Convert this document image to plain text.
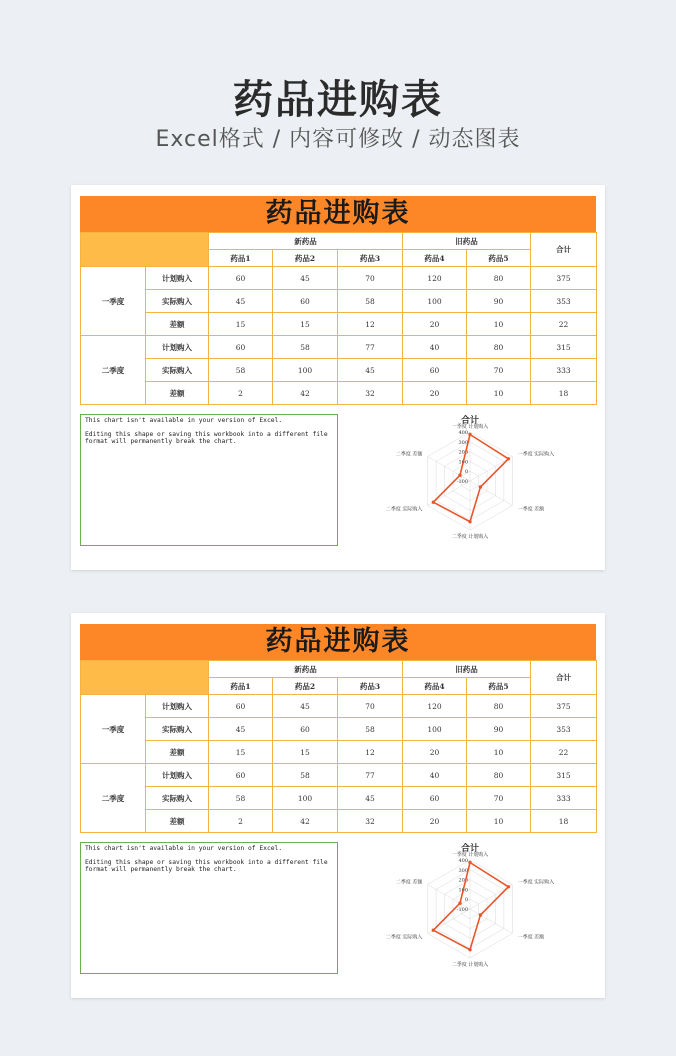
药品进购表
Excel格式 / 内容可修改 / 动态图表
药品进购表
		新药品			旧药品		合计
		药品1	药品2	药品3	药品4	药品5	
一季度	计划购入	60	45	70	120	80	375
	实际购入	45	60	58	100	90	353
	差额	15	15	12	20	10	22
二季度	计划购入	60	58	77	40	80	315
	实际购入	58	100	45	60	70	333
	差额	2	42	32	20	10	18

This chart isn't available in your version of Excel.

Editing this shape or saving this workbook into a different file format will permanently break the chart.

合计
一季度 计划购入
一季度 实际购入
一季度 差额
二季度 计划购入
二季度 实际购入
二季度 差额
-100
0
100
200
300
400
药品进购表
		新药品			旧药品		合计
		药品1	药品2	药品3	药品4	药品5	
一季度	计划购入	60	45	70	120	80	375
	实际购入	45	60	58	100	90	353
	差额	15	15	12	20	10	22
二季度	计划购入	60	58	77	40	80	315
	实际购入	58	100	45	60	70	333
	差额	2	42	32	20	10	18

This chart isn't available in your version of Excel.

Editing this shape or saving this workbook into a different file format will permanently break the chart.

合计
一季度 计划购入
一季度 实际购入
一季度 差额
二季度 计划购入
二季度 实际购入
二季度 差额
-100
0
100
200
300
400
